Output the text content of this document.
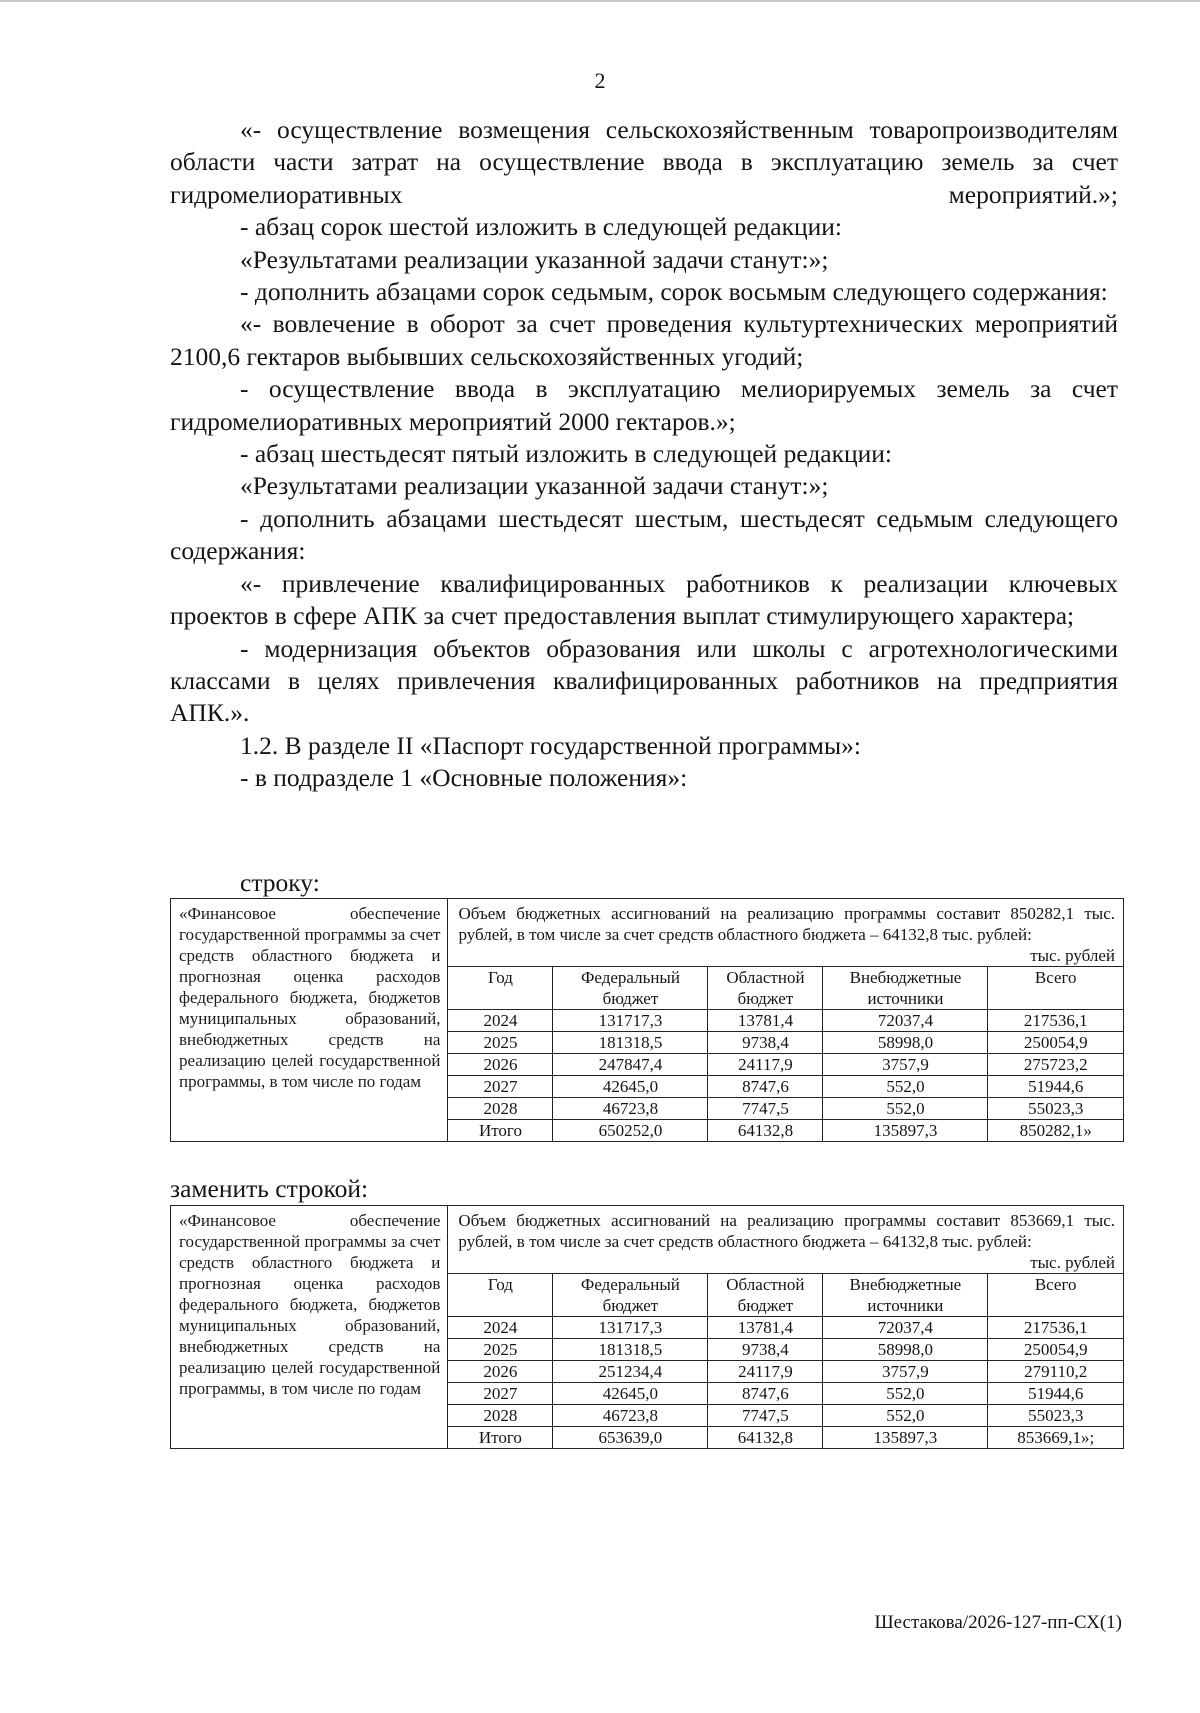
2

«- осуществление возмещения сельскохозяйственным товаропроизводителям области части затрат на осуществление ввода в эксплуатацию земель за счет гидромелиоративных мероприятий.»;

- абзац сорок шестой изложить в следующей редакции:

«Результатами реализации указанной задачи станут:»;

- дополнить абзацами сорок седьмым, сорок восьмым следующего содержания:

«- вовлечение в оборот за счет проведения культуртехнических мероприятий 2100,6 гектаров выбывших сельскохозяйственных угодий;

- осуществление ввода в эксплуатацию мелиорируемых земель за счет гидромелиоративных мероприятий 2000 гектаров.»;

- абзац шестьдесят пятый изложить в следующей редакции:

«Результатами реализации указанной задачи станут:»;

- дополнить абзацами шестьдесят шестым, шестьдесят седьмым следующего содержания:

«- привлечение квалифицированных работников к реализации ключевых проектов в сфере АПК за счет предоставления выплат стимулирующего характера;

- модернизация объектов образования или школы с агротехнологическими классами в целях привлечения квалифицированных работников на предприятия АПК.».

1.2. В разделе II «Паспорт государственной программы»:

- в подразделе 1 «Основные положения»:

строку:
«Финансовое обеспечение государственной программы за счет средств областного бюджета и прогнозная оценка расходов федерального бюджета, бюджетов муниципальных образований, внебюджетных средств на реализацию целей государственной программы, в том числе по годам	
Объем бюджетных ассигнований на реализацию программы составит 850282,1 тыс. рублей, в том числе за счет средств областного бюджета – 64132,8 тыс. рублей:
тыс. рублей
Год	Федеральный бюджет	Областной бюджет	Внебюджетные источники	Всего
2024	131717,3	13781,4	72037,4	217536,1
2025	181318,5	9738,4	58998,0	250054,9
2026	247847,4	24117,9	3757,9	275723,2
2027	42645,0	8747,6	552,0	51944,6
2028	46723,8	7747,5	552,0	55023,3
Итого	650252,0	64132,8	135897,3	850282,1»
заменить строкой:
«Финансовое обеспечение государственной программы за счет средств областного бюджета и прогнозная оценка расходов федерального бюджета, бюджетов муниципальных образований, внебюджетных средств на реализацию целей государственной программы, в том числе по годам	
Объем бюджетных ассигнований на реализацию программы составит 853669,1 тыс. рублей, в том числе за счет средств областного бюджета – 64132,8 тыс. рублей:
тыс. рублей
Год	Федеральный бюджет	Областной бюджет	Внебюджетные источники	Всего
2024	131717,3	13781,4	72037,4	217536,1
2025	181318,5	9738,4	58998,0	250054,9
2026	251234,4	24117,9	3757,9	279110,2
2027	42645,0	8747,6	552,0	51944,6
2028	46723,8	7747,5	552,0	55023,3
Итого	653639,0	64132,8	135897,3	853669,1»;
Шестакова/2026-127-пп-СХ(1)
